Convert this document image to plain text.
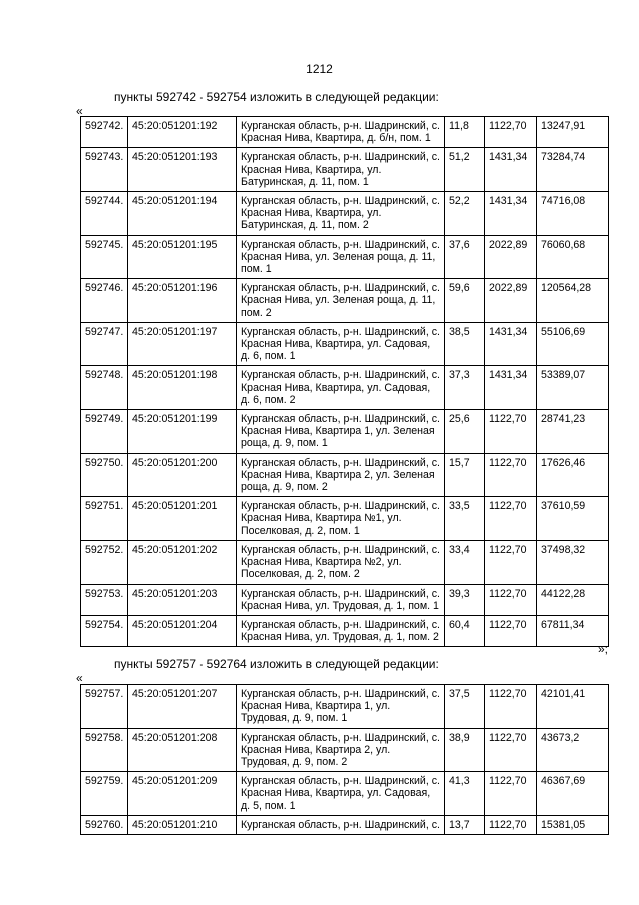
1212
пункты 592742 - 592754 изложить в следующей редакции:
«
592742.	45:20:051201:192	Курганская область, р-н. Шадринский, с. Красная Нива, Квартира, д. б/н, пом. 1	11,8	1122,70	13247,91
592743.	45:20:051201:193	Курганская область, р-н. Шадринский, с. Красная Нива, Квартира, ул. Батуринская, д. 11, пом. 1	51,2	1431,34	73284,74
592744.	45:20:051201:194	Курганская область, р-н. Шадринский, с. Красная Нива, Квартира, ул. Батуринская, д. 11, пом. 2	52,2	1431,34	74716,08
592745.	45:20:051201:195	Курганская область, р-н. Шадринский, с. Красная Нива, ул. Зеленая роща, д. 11, пом. 1	37,6	2022,89	76060,68
592746.	45:20:051201:196	Курганская область, р-н. Шадринский, с. Красная Нива, ул. Зеленая роща, д. 11, пом. 2	59,6	2022,89	120564,28
592747.	45:20:051201:197	Курганская область, р-н. Шадринский, с. Красная Нива, Квартира, ул. Садовая, д. 6, пом. 1	38,5	1431,34	55106,69
592748.	45:20:051201:198	Курганская область, р-н. Шадринский, с. Красная Нива, Квартира, ул. Садовая, д. 6, пом. 2	37,3	1431,34	53389,07
592749.	45:20:051201:199	Курганская область, р-н. Шадринский, с. Красная Нива, Квартира 1, ул. Зеленая роща, д. 9, пом. 1	25,6	1122,70	28741,23
592750.	45:20:051201:200	Курганская область, р-н. Шадринский, с. Красная Нива, Квартира 2, ул. Зеленая роща, д. 9, пом. 2	15,7	1122,70	17626,46
592751.	45:20:051201:201	Курганская область, р-н. Шадринский, с. Красная Нива, Квартира №1, ул. Поселковая, д. 2, пом. 1	33,5	1122,70	37610,59
592752.	45:20:051201:202	Курганская область, р-н. Шадринский, с. Красная Нива, Квартира №2, ул. Поселковая, д. 2, пом. 2	33,4	1122,70	37498,32
592753.	45:20:051201:203	Курганская область, р-н. Шадринский, с. Красная Нива, ул. Трудовая, д. 1, пом. 1	39,3	1122,70	44122,28
592754.	45:20:051201:204	Курганская область, р-н. Шадринский, с. Красная Нива, ул. Трудовая, д. 1, пом. 2	60,4	1122,70	67811,34
»;
пункты 592757 - 592764 изложить в следующей редакции:
«
592757.	45:20:051201:207	Курганская область, р-н. Шадринский, с. Красная Нива, Квартира 1, ул. Трудовая, д. 9, пом. 1	37,5	1122,70	42101,41
592758.	45:20:051201:208	Курганская область, р-н. Шадринский, с. Красная Нива, Квартира 2, ул. Трудовая, д. 9, пом. 2	38,9	1122,70	43673,2
592759.	45:20:051201:209	Курганская область, р-н. Шадринский, с. Красная Нива, Квартира, ул. Садовая, д. 5, пом. 1	41,3	1122,70	46367,69
592760.	45:20:051201:210	Курганская область, р-н. Шадринский, с.	13,7	1122,70	15381,05
